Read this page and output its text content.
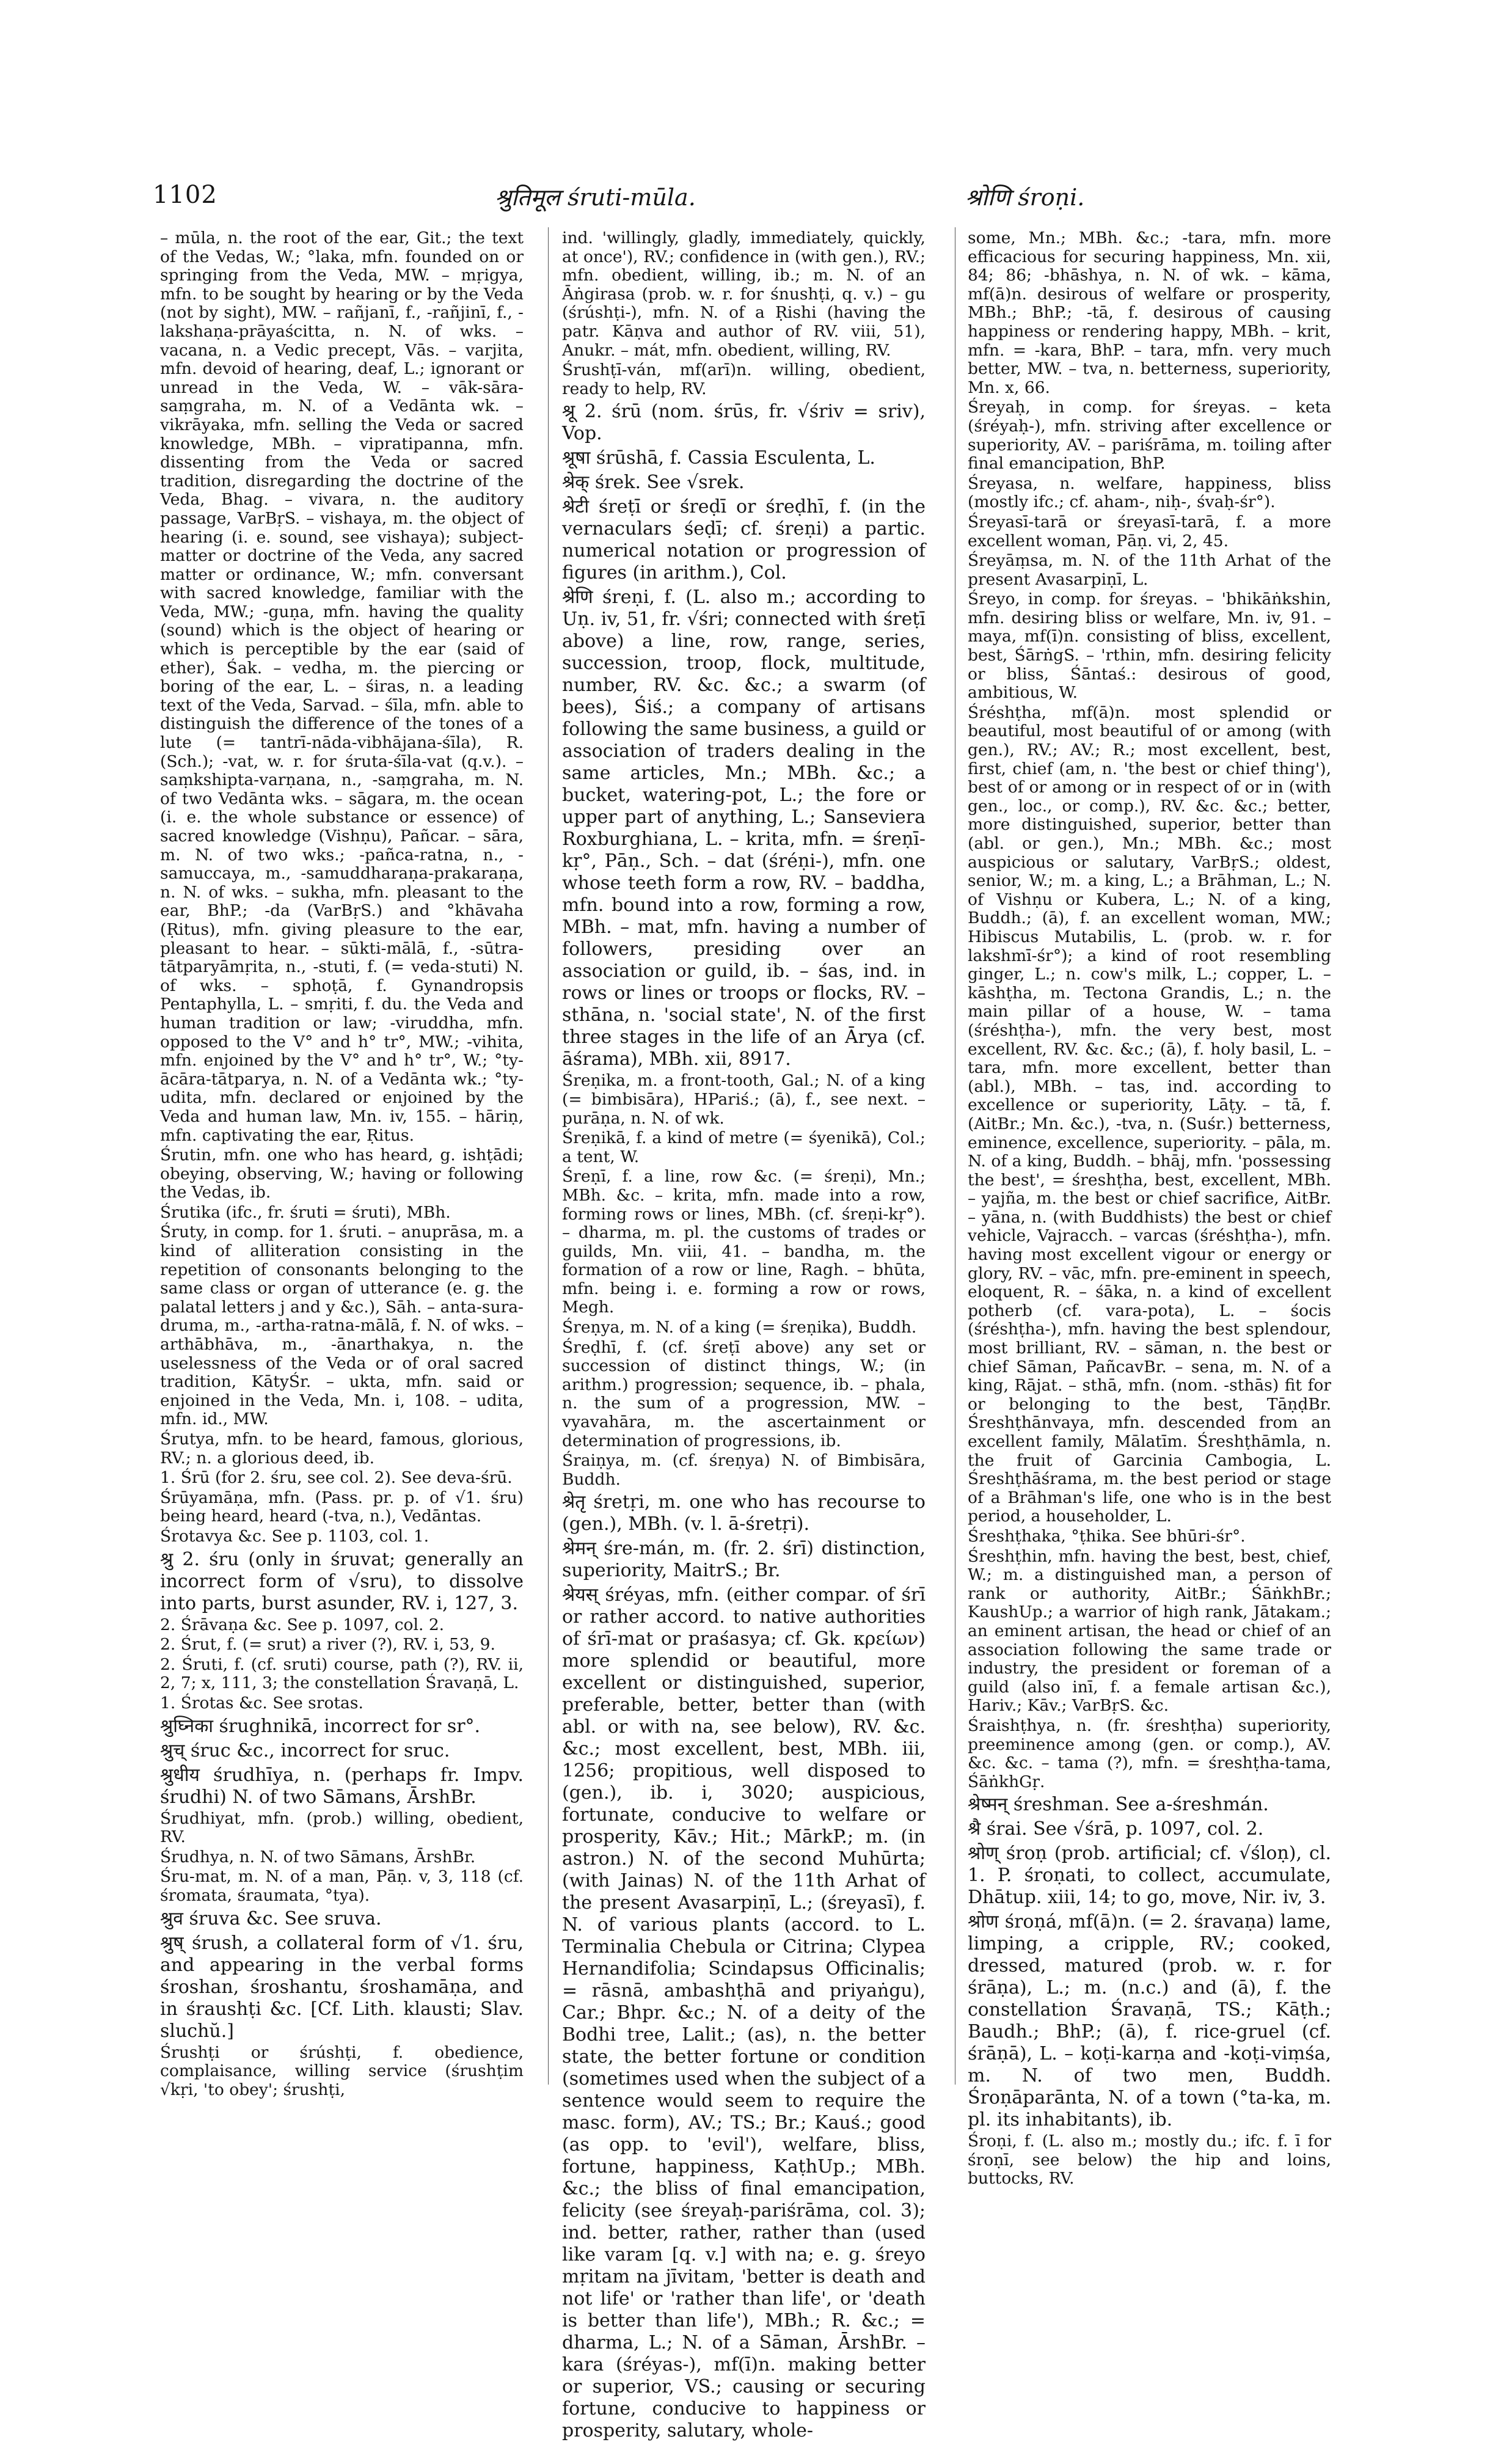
1102	श्रुतिमूल śruti-mūla.	श्रोणि śroṇi.

– mūla, n. the root of the ear, Git.; the text of the Vedas, W.; °laka, mfn. founded on or springing from the Veda, MW. – mṛigya, mfn. to be sought by hearing or by the Veda (not by sight), MW. – rañjanī, f., -rañjinī, f., -lakshaṇa-prāyaścitta, n. N. of wks. – vacana, n. a Vedic precept, Vās. – varjita, mfn. devoid of hearing, deaf, L.; ignorant or unread in the Veda, W. – vāk-sāra-saṃgraha, m. N. of a Vedānta wk. – vikrāyaka, mfn. selling the Veda or sacred knowledge, MBh. – vipratipanna, mfn. dissenting from the Veda or sacred tradition, disregarding the doctrine of the Veda, Bhag. – vivara, n. the auditory passage, VarBṛS. – vishaya, m. the object of hearing (i. e. sound, see vishaya); subject-matter or doctrine of the Veda, any sacred matter or ordinance, W.; mfn. conversant with sacred knowledge, familiar with the Veda, MW.; -guṇa, mfn. having the quality (sound) which is the object of hearing or which is perceptible by the ear (said of ether), Śak. – vedha, m. the piercing or boring of the ear, L. – śiras, n. a leading text of the Veda, Sarvad. – śīla, mfn. able to distinguish the difference of the tones of a lute (= tantrī-nāda-vibhājana-śīla), R. (Sch.); -vat, w. r. for śruta-śīla-vat (q.v.). – saṃkshipta-varṇana, n., -saṃgraha, m. N. of two Vedānta wks. – sāgara, m. the ocean (i. e. the whole substance or essence) of sacred knowledge (Vishṇu), Pañcar. – sāra, m. N. of two wks.; -pañca-ratna, n., -samuccaya, m., -samuddharaṇa-prakaraṇa, n. N. of wks. – sukha, mfn. pleasant to the ear, BhP.; -da (VarBṛS.) and °khāvaha (Ṛitus), mfn. giving pleasure to the ear, pleasant to hear. – sūkti-mālā, f., -sūtra-tātparyāmṛita, n., -stuti, f. (= veda-stuti) N. of wks. – sphoṭā, f. Gynandropsis Pentaphylla, L. – smṛiti, f. du. the Veda and human tradition or law; -viruddha, mfn. opposed to the V° and h° tr°, MW.; -vihita, mfn. enjoined by the V° and h° tr°, W.; °ty-ācāra-tātparya, n. N. of a Vedānta wk.; °ty-udita, mfn. declared or enjoined by the Veda and human law, Mn. iv, 155. – hāriṇ, mfn. captivating the ear, Ṛitus.

Śrutin, mfn. one who has heard, g. ishṭādi; obeying, observing, W.; having or following the Vedas, ib.

Śrutika (ifc., fr. śruti = śruti), MBh.

Śruty, in comp. for 1. śruti. – anuprāsa, m. a kind of alliteration consisting in the repetition of consonants belonging to the same class or organ of utterance (e. g. the palatal letters j and y &c.), Sāh. – anta-sura-druma, m., -artha-ratna-mālā, f. N. of wks. – arthābhāva, m., -ānarthakya, n. the uselessness of the Veda or of oral sacred tradition, KātyŚr. – ukta, mfn. said or enjoined in the Veda, Mn. i, 108. – udita, mfn. id., MW.

Śrutya, mfn. to be heard, famous, glorious, RV.; n. a glorious deed, ib.

1. Śrū (for 2. śru, see col. 2). See deva-śrū.

Śrūyamāṇa, mfn. (Pass. pr. p. of √1. śru) being heard, heard (-tva, n.), Vedāntas.

Śrotavya &c. See p. 1103, col. 1.

श्रु 2. śru (only in śruvat; generally an incorrect form of √sru), to dissolve into parts, burst asunder, RV. i, 127, 3.

2. Śrāvaṇa &c. See p. 1097, col. 2.

2. Śrut, f. (= srut) a river (?), RV. i, 53, 9.

2. Śruti, f. (cf. sruti) course, path (?), RV. ii, 2, 7; x, 111, 3; the constellation Śravaṇā, L.

1. Śrotas &c. See srotas.

श्रुघ्निका śrughnikā, incorrect for sr°.

श्रुच् śruc &c., incorrect for sruc.

श्रुधीय śrudhīya, n. (perhaps fr. Impv. śrudhi) N. of two Sāmans, ĀrshBr.

Śrudhiyat, mfn. (prob.) willing, obedient, RV.

Śrudhya, n. N. of two Sāmans, ĀrshBr.

Śru-mat, m. N. of a man, Pāṇ. v, 3, 118 (cf. śromata, śraumata, °tya).

श्रुव śruva &c. See sruva.

श्रुष् śrush, a collateral form of √1. śru, and appearing in the verbal forms śroshan, śroshantu, śroshamāṇa, and in śraushṭi &c. [Cf. Lith. klausti; Slav. sluchŭ.]

Śrushṭi or śrúshṭi, f. obedience, complaisance, willing service (śrushṭim √kṛi, 'to obey'; śrushṭi,

ind. 'willingly, gladly, immediately, quickly, at once'), RV.; confidence in (with gen.), RV.; mfn. obedient, willing, ib.; m. N. of an Āṅgirasa (prob. w. r. for śnushṭi, q. v.) – gu (śrúshṭi-), mfn. N. of a Ṛishi (having the patr. Kāṇva and author of RV. viii, 51), Anukr. – mát, mfn. obedient, willing, RV.

Śrushṭī-ván, mf(arī)n. willing, obedient, ready to help, RV.

श्रू 2. śrū (nom. śrūs, fr. √śriv = sriv), Vop.

श्रूषा śrūshā, f. Cassia Esculenta, L.

श्रेक् śrek. See √srek.

श्रेटी śreṭī or śreḍī or śreḍhī, f. (in the vernaculars śeḍī; cf. śreṇi) a partic. numerical notation or progression of figures (in arithm.), Col.

श्रेणि śreṇi, f. (L. also m.; according to Uṇ. iv, 51, fr. √śri; connected with śreṭī above) a line, row, range, series, succession, troop, flock, multitude, number, RV. &c. &c.; a swarm (of bees), Śiś.; a company of artisans following the same business, a guild or association of traders dealing in the same articles, Mn.; MBh. &c.; a bucket, watering-pot, L.; the fore or upper part of anything, L.; Sanseviera Roxburghiana, L. – krita, mfn. = śreṇī-kṛ°, Pāṇ., Sch. – dat (śréṇi-), mfn. one whose teeth form a row, RV. – baddha, mfn. bound into a row, forming a row, MBh. – mat, mfn. having a number of followers, presiding over an association or guild, ib. – śas, ind. in rows or lines or troops or flocks, RV. – sthāna, n. 'social state', N. of the first three stages in the life of an Ārya (cf. āśrama), MBh. xii, 8917.

Śreṇika, m. a front-tooth, Gal.; N. of a king (= bimbisāra), HPariś.; (ā), f., see next. – purāṇa, n. N. of wk.

Śreṇikā, f. a kind of metre (= śyenikā), Col.; a tent, W.

Śreṇī, f. a line, row &c. (= śreṇi), Mn.; MBh. &c. – krita, mfn. made into a row, forming rows or lines, MBh. (cf. śreṇi-kṛ°). – dharma, m. pl. the customs of trades or guilds, Mn. viii, 41. – bandha, m. the formation of a row or line, Ragh. – bhūta, mfn. being i. e. forming a row or rows, Megh.

Śreṇya, m. N. of a king (= śreṇika), Buddh.

Śreḍhī, f. (cf. śreṭī above) any set or succession of distinct things, W.; (in arithm.) progression; sequence, ib. – phala, n. the sum of a progression, MW. – vyavahāra, m. the ascertainment or determination of progressions, ib.

Śraiṇya, m. (cf. śreṇya) N. of Bimbisāra, Buddh.

श्रेतृ śretṛi, m. one who has recourse to (gen.), MBh. (v. l. ā-śretṛi).

श्रेमन् śre-mán, m. (fr. 2. śrī) distinction, superiority, MaitrS.; Br.

श्रेयस् śréyas, mfn. (either compar. of śrī or rather accord. to native authorities of śrī-mat or praśasya; cf. Gk. κρείων) more splendid or beautiful, more excellent or distinguished, superior, preferable, better, better than (with abl. or with na, see below), RV. &c. &c.; most excellent, best, MBh. iii, 1256; propitious, well disposed to (gen.), ib. i, 3020; auspicious, fortunate, conducive to welfare or prosperity, Kāv.; Hit.; MārkP.; m. (in astron.) N. of the second Muhūrta; (with Jainas) N. of the 11th Arhat of the present Avasarpiṇī, L.; (śreyasī), f. N. of various plants (accord. to L. Terminalia Chebula or Citrina; Clypea Hernandifolia; Scindapsus Officinalis; = rāsnā, ambashṭhā and priyaṅgu), Car.; Bhpr. &c.; N. of a deity of the Bodhi tree, Lalit.; (as), n. the better state, the better fortune or condition (sometimes used when the subject of a sentence would seem to require the masc. form), AV.; TS.; Br.; Kauś.; good (as opp. to 'evil'), welfare, bliss, fortune, happiness, KaṭhUp.; MBh. &c.; the bliss of final emancipation, felicity (see śreyaḥ-pariśrāma, col. 3); ind. better, rather, rather than (used like varam [q. v.] with na; e. g. śreyo mṛitam na jīvitam, 'better is death and not life' or 'rather than life', or 'death is better than life'), MBh.; R. &c.; = dharma, L.; N. of a Sāman, ĀrshBr. – kara (śréyas-), mf(ī)n. making better or superior, VS.; causing or securing fortune, conducive to happiness or prosperity, salutary, whole-

some, Mn.; MBh. &c.; -tara, mfn. more efficacious for securing happiness, Mn. xii, 84; 86; -bhāshya, n. N. of wk. – kāma, mf(ā)n. desirous of welfare or prosperity, MBh.; BhP.; -tā, f. desirous of causing happiness or rendering happy, MBh. – krit, mfn. = -kara, BhP. – tara, mfn. very much better, MW. – tva, n. betterness, superiority, Mn. x, 66.

Śreyaḥ, in comp. for śreyas. – keta (śréyaḥ-), mfn. striving after excellence or superiority, AV. – pariśrāma, m. toiling after final emancipation, BhP.

Śreyasa, n. welfare, happiness, bliss (mostly ifc.; cf. aham-, niḥ-, śvaḥ-śr°).

Śreyasī-tarā or śreyasī-tarā, f. a more excellent woman, Pāṇ. vi, 2, 45.

Śreyāṃsa, m. N. of the 11th Arhat of the present Avasarpiṇī, L.

Śreyo, in comp. for śreyas. – 'bhikāṅkshin, mfn. desiring bliss or welfare, Mn. iv, 91. – maya, mf(ī)n. consisting of bliss, excellent, best, ŚārṅgS. – 'rthin, mfn. desiring felicity or bliss, Śāntaś.: desirous of good, ambitious, W.

Śréshṭha, mf(ā)n. most splendid or beautiful, most beautiful of or among (with gen.), RV.; AV.; R.; most excellent, best, first, chief (am, n. 'the best or chief thing'), best of or among or in respect of or in (with gen., loc., or comp.), RV. &c. &c.; better, more distinguished, superior, better than (abl. or gen.), Mn.; MBh. &c.; most auspicious or salutary, VarBṛS.; oldest, senior, W.; m. a king, L.; a Brāhman, L.; N. of Vishṇu or Kubera, L.; N. of a king, Buddh.; (ā), f. an excellent woman, MW.; Hibiscus Mutabilis, L. (prob. w. r. for lakshmī-śr°); a kind of root resembling ginger, L.; n. cow's milk, L.; copper, L. – kāshṭha, m. Tectona Grandis, L.; n. the main pillar of a house, W. – tama (śréshṭha-), mfn. the very best, most excellent, RV. &c. &c.; (ā), f. holy basil, L. – tara, mfn. more excellent, better than (abl.), MBh. – tas, ind. according to excellence or superiority, Lāṭy. – tā, f. (AitBr.; Mn. &c.), -tva, n. (Suśr.) betterness, eminence, excellence, superiority. – pāla, m. N. of a king, Buddh. – bhāj, mfn. 'possessing the best', = śreshṭha, best, excellent, MBh. – yajña, m. the best or chief sacrifice, AitBr. – yāna, n. (with Buddhists) the best or chief vehicle, Vajracch. – varcas (śréshṭha-), mfn. having most excellent vigour or energy or glory, RV. – vāc, mfn. pre-eminent in speech, eloquent, R. – śāka, n. a kind of excellent potherb (cf. vara-pota), L. – śocis (śréshṭha-), mfn. having the best splendour, most brilliant, RV. – sāman, n. the best or chief Sāman, PañcavBr. – sena, m. N. of a king, Rājat. – sthā, mfn. (nom. -sthās) fit for or belonging to the best, TāṇḍBr. Śreshṭhānvaya, mfn. descended from an excellent family, Mālatīm. Śreshṭhāmla, n. the fruit of Garcinia Cambogia, L. Śreshṭhāśrama, m. the best period or stage of a Brāhman's life, one who is in the best period, a householder, L.

Śreshṭhaka, °ṭhika. See bhūri-śr°.

Śreshṭhin, mfn. having the best, best, chief, W.; m. a distinguished man, a person of rank or authority, AitBr.; ŚāṅkhBr.; KaushUp.; a warrior of high rank, Jātakam.; an eminent artisan, the head or chief of an association following the same trade or industry, the president or foreman of a guild (also inī, f. a female artisan &c.), Hariv.; Kāv.; VarBṛS. &c.

Śraishṭhya, n. (fr. śreshṭha) superiority, preeminence among (gen. or comp.), AV. &c. &c. – tama (?), mfn. = śreshṭha-tama, ŚāṅkhGṛ.

श्रेष्मन् śreshman. See a-śreshmán.

श्रै śrai. See √śrā, p. 1097, col. 2.

श्रोण् śroṇ (prob. artificial; cf. √śloṇ), cl. 1. P. śroṇati, to collect, accumulate, Dhātup. xiii, 14; to go, move, Nir. iv, 3.

श्रोण śroṇá, mf(ā)n. (= 2. śravaṇa) lame, limping, a cripple, RV.; cooked, dressed, matured (prob. w. r. for śrāṇa), L.; m. (n.c.) and (ā), f. the constellation Śravaṇā, TS.; Kāṭh.; Baudh.; BhP.; (ā), f. rice-gruel (cf. śrāṇā), L. – koṭi-karṇa and -koṭi-viṃśa, m. N. of two men, Buddh. Śroṇāparānta, N. of a town (°ta-ka, m. pl. its inhabitants), ib.

Śroṇi, f. (L. also m.; mostly du.; ifc. f. ī for śroṇī, see below) the hip and loins, buttocks, RV.
